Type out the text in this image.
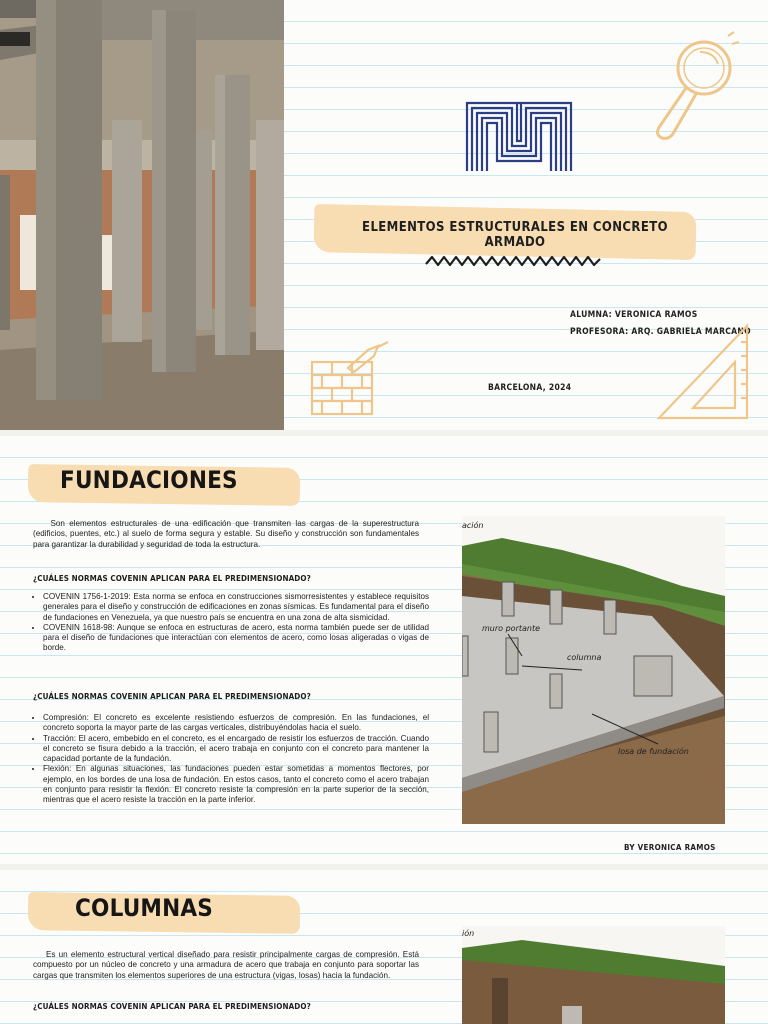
ELEMENTOS ESTRUCTURALES EN CONCRETO ARMADO
ALUMNA: VERONICA RAMOS
PROFESORA: ARQ. GABRIELA MARCANO
BARCELONA, 2024
FUNDACIONES
Son elementos estructurales de una edificación que transmiten las cargas de la superestructura (edificios, puentes, etc.) al suelo de forma segura y estable. Su diseño y construcción son fundamentales para garantizar la durabilidad y seguridad de toda la estructura.
¿CUÁLES NORMAS COVENIN APLICAN PARA EL PREDIMENSIONADO?
• COVENIN 1756-1-2019: Esta norma se enfoca en construcciones sismorresistentes y establece requisitos generales para el diseño y construcción de edificaciones en zonas sísmicas. Es fundamental para el diseño de fundaciones en Venezuela, ya que nuestro país se encuentra en una zona de alta sismicidad.
• COVENIN 1618-98: Aunque se enfoca en estructuras de acero, esta norma también puede ser de utilidad para el diseño de fundaciones que interactúan con elementos de acero, como losas aligeradas o vigas de borde.
¿CUÁLES NORMAS COVENIN APLICAN PARA EL PREDIMENSIONADO?
• Compresión: El concreto es excelente resistiendo esfuerzos de compresión. En las fundaciones, el concreto soporta la mayor parte de las cargas verticales, distribuyéndolas hacia el suelo.
• Tracción: El acero, embebido en el concreto, es el encargado de resistir los esfuerzos de tracción. Cuando el concreto se fisura debido a la tracción, el acero trabaja en conjunto con el concreto para mantener la capacidad portante de la fundación.
• Flexión: En algunas situaciones, las fundaciones pueden estar sometidas a momentos flectores, por ejemplo, en los bordes de una losa de fundación. En estos casos, tanto el concreto como el acero trabajan en conjunto para resistir la flexión. El concreto resiste la compresión en la parte superior de la sección, mientras que el acero resiste la tracción en la parte inferior.
ación
muro portante
columna
losa de fundación
BY VERONICA RAMOS
COLUMNAS
Es un elemento estructural vertical diseñado para resistir principalmente cargas de compresión. Está compuesto por un núcleo de concreto y una armadura de acero que trabaja en conjunto para soportar las cargas que transmiten los elementos superiores de una estructura (vigas, losas) hacia la fundación.
¿CUÁLES NORMAS COVENIN APLICAN PARA EL PREDIMENSIONADO?
ión
